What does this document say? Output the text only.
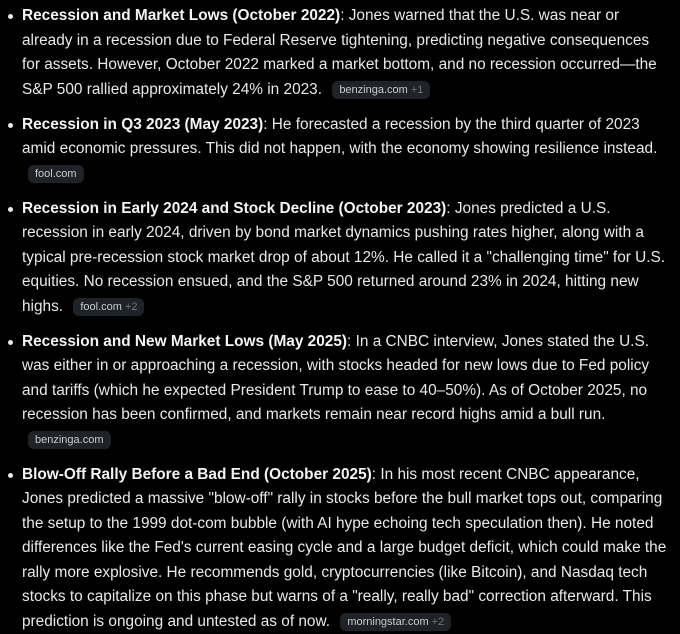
Recession and Market Lows (October 2022): Jones warned that the U.S. was near or already in a recession due to Federal Reserve tightening, predicting negative consequences for assets. However, October 2022 marked a market bottom, and no recession occurred—the S&P 500 rallied approximately 24% in 2023. benzinga.com +1
Recession in Q3 2023 (May 2023): He forecasted a recession by the third quarter of 2023 amid economic pressures. This did not happen, with the economy showing resilience instead. fool.com
Recession in Early 2024 and Stock Decline (October 2023): Jones predicted a U.S. recession in early 2024, driven by bond market dynamics pushing rates higher, along with a typical pre-recession stock market drop of about 12%. He called it a "challenging time" for U.S. equities. No recession ensued, and the S&P 500 returned around 23% in 2024, hitting new highs. fool.com +2
Recession and New Market Lows (May 2025): In a CNBC interview, Jones stated the U.S. was either in or approaching a recession, with stocks headed for new lows due to Fed policy and tariffs (which he expected President Trump to ease to 40–50%). As of October 2025, no recession has been confirmed, and markets remain near record highs amid a bull run. benzinga.com
Blow-Off Rally Before a Bad End (October 2025): In his most recent CNBC appearance, Jones predicted a massive "blow-off" rally in stocks before the bull market tops out, comparing the setup to the 1999 dot-com bubble (with AI hype echoing tech speculation then). He noted differences like the Fed's current easing cycle and a large budget deficit, which could make the rally more explosive. He recommends gold, cryptocurrencies (like Bitcoin), and Nasdaq tech stocks to capitalize on this phase but warns of a "really, really bad" correction afterward. This prediction is ongoing and untested as of now. morningstar.com +2
